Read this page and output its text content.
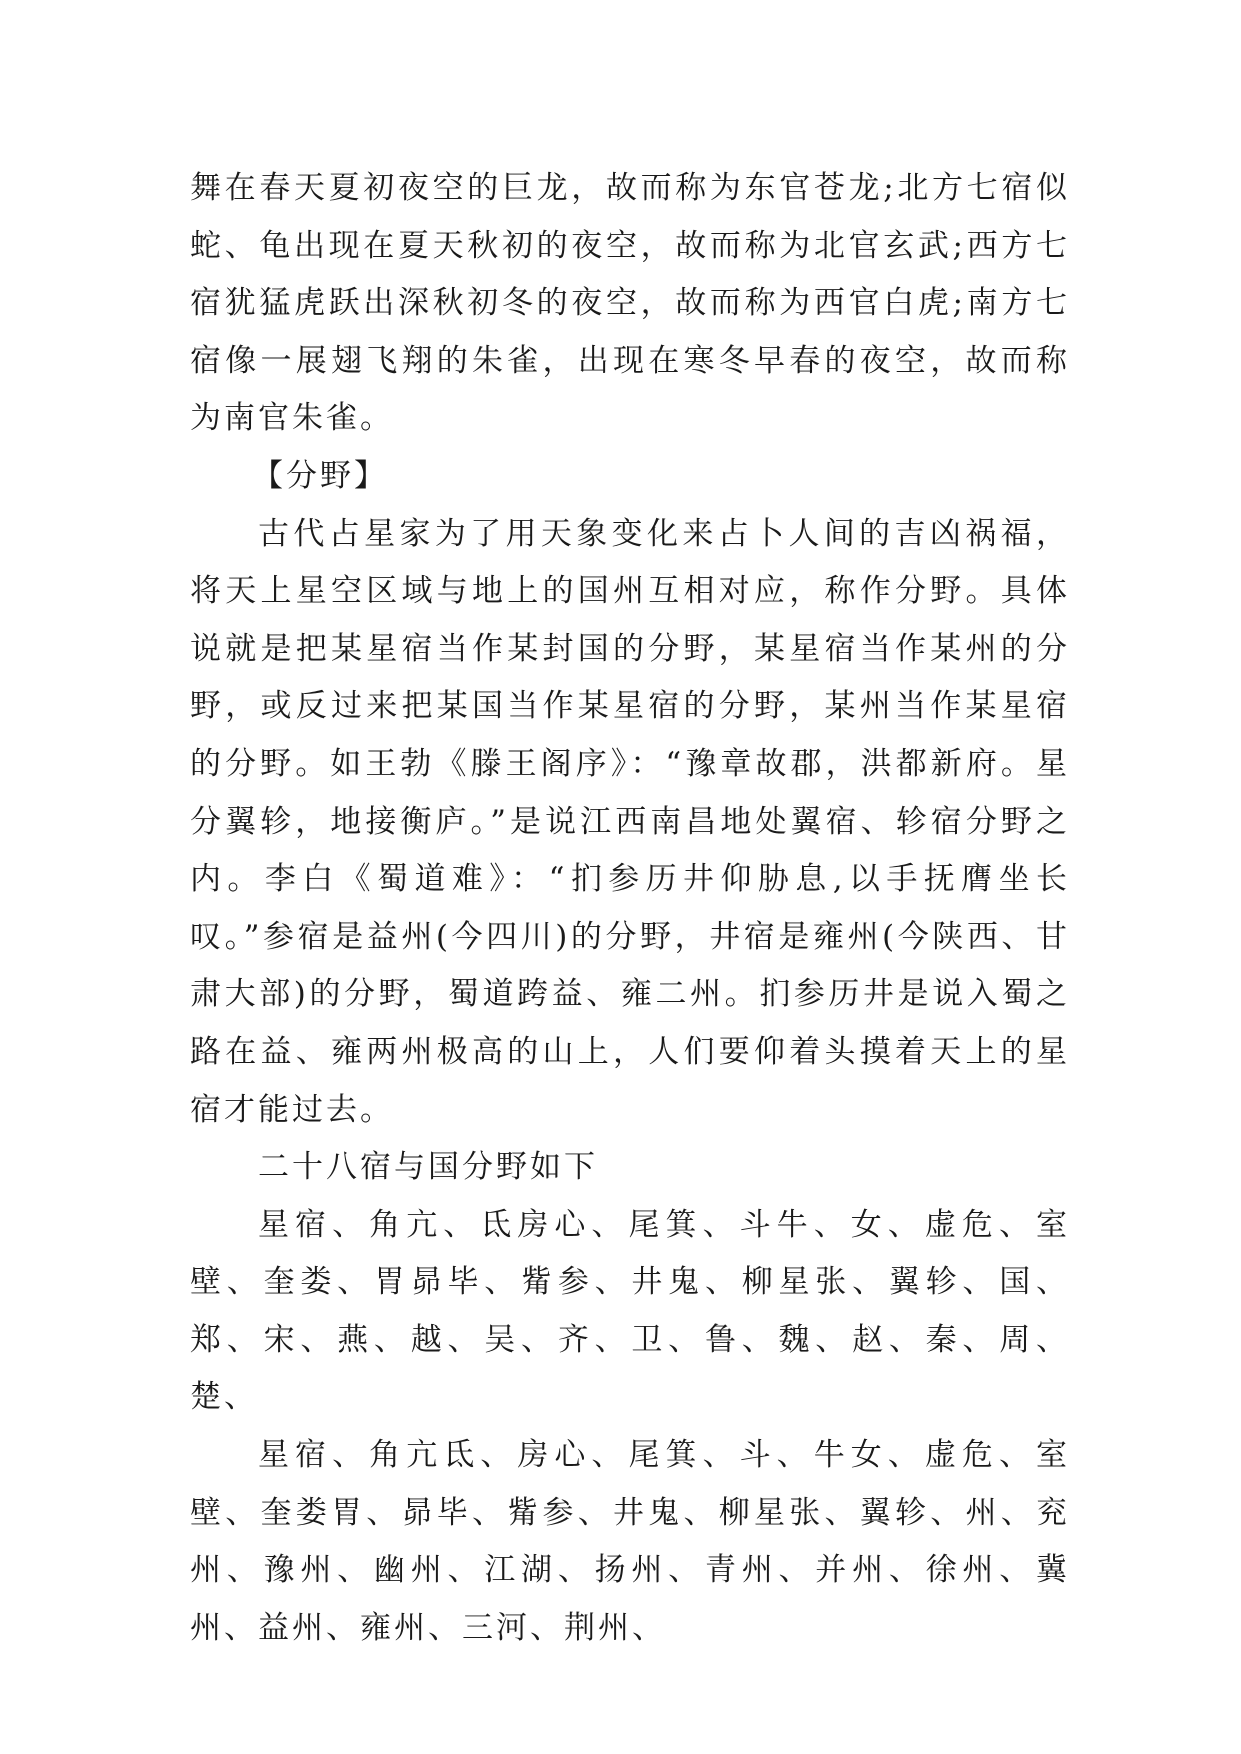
舞在春天夏初夜空的巨龙，故而称为东官苍龙;北方七宿似蛇、龟出现在夏天秋初的夜空，故而称为北官玄武;西方七宿犹猛虎跃出深秋初冬的夜空，故而称为西官白虎;南方七宿像一展翅飞翔的朱雀，出现在寒冬早春的夜空，故而称为南官朱雀。

【分野】

古代占星家为了用天象变化来占卜人间的吉凶祸福，将天上星空区域与地上的国州互相对应，称作分野。具体说就是把某星宿当作某封国的分野，某星宿当作某州的分野，或反过来把某国当作某星宿的分野，某州当作某星宿的分野。如王勃《滕王阁序》：“豫章故郡，洪都新府。星分翼轸，地接衡庐。”是说江西南昌地处翼宿、轸宿分野之内。李白《蜀道难》：“扪参历井仰胁息,以手抚膺坐长叹。”参宿是益州(今四川)的分野，井宿是雍州(今陕西、甘肃大部)的分野，蜀道跨益、雍二州。扪参历井是说入蜀之路在益、雍两州极高的山上，人们要仰着头摸着天上的星宿才能过去。

二十八宿与国分野如下

星宿、角亢、氐房心、尾箕、斗牛、女、虚危、室壁、奎娄、胃昴毕、觜参、井鬼、柳星张、翼轸、国、郑、宋、燕、越、吴、齐、卫、鲁、魏、赵、秦、周、楚、

星宿、角亢氐、房心、尾箕、斗、牛女、虚危、室壁、奎娄胃、昴毕、觜参、井鬼、柳星张、翼轸、州、兖州、豫州、幽州、江湖、扬州、青州、并州、徐州、冀州、益州、雍州、三河、荆州、
